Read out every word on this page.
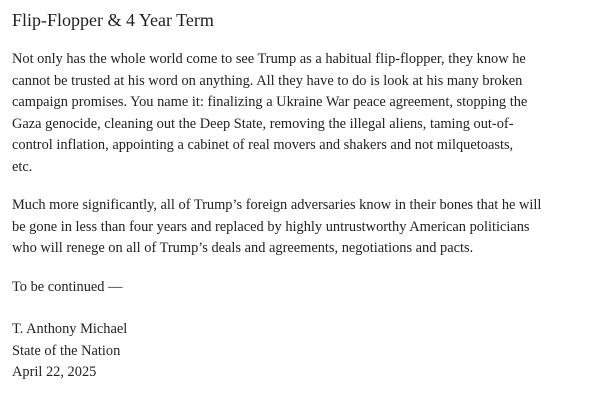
Flip-Flopper & 4 Year Term

Not only has the whole world come to see Trump as a habitual flip-flopper, they know he
cannot be trusted at his word on anything. All they have to do is look at his many broken
campaign promises. You name it: finalizing a Ukraine War peace agreement, stopping the
Gaza genocide, cleaning out the Deep State, removing the illegal aliens, taming out-of-
control inflation, appointing a cabinet of real movers and shakers and not milquetoasts,
etc.

Much more significantly, all of Trump’s foreign adversaries know in their bones that he will
be gone in less than four years and replaced by highly untrustworthy American politicians
who will renege on all of Trump’s deals and agreements, negotiations and pacts.

To be continued —

T. Anthony Michael
State of the Nation
April 22, 2025
